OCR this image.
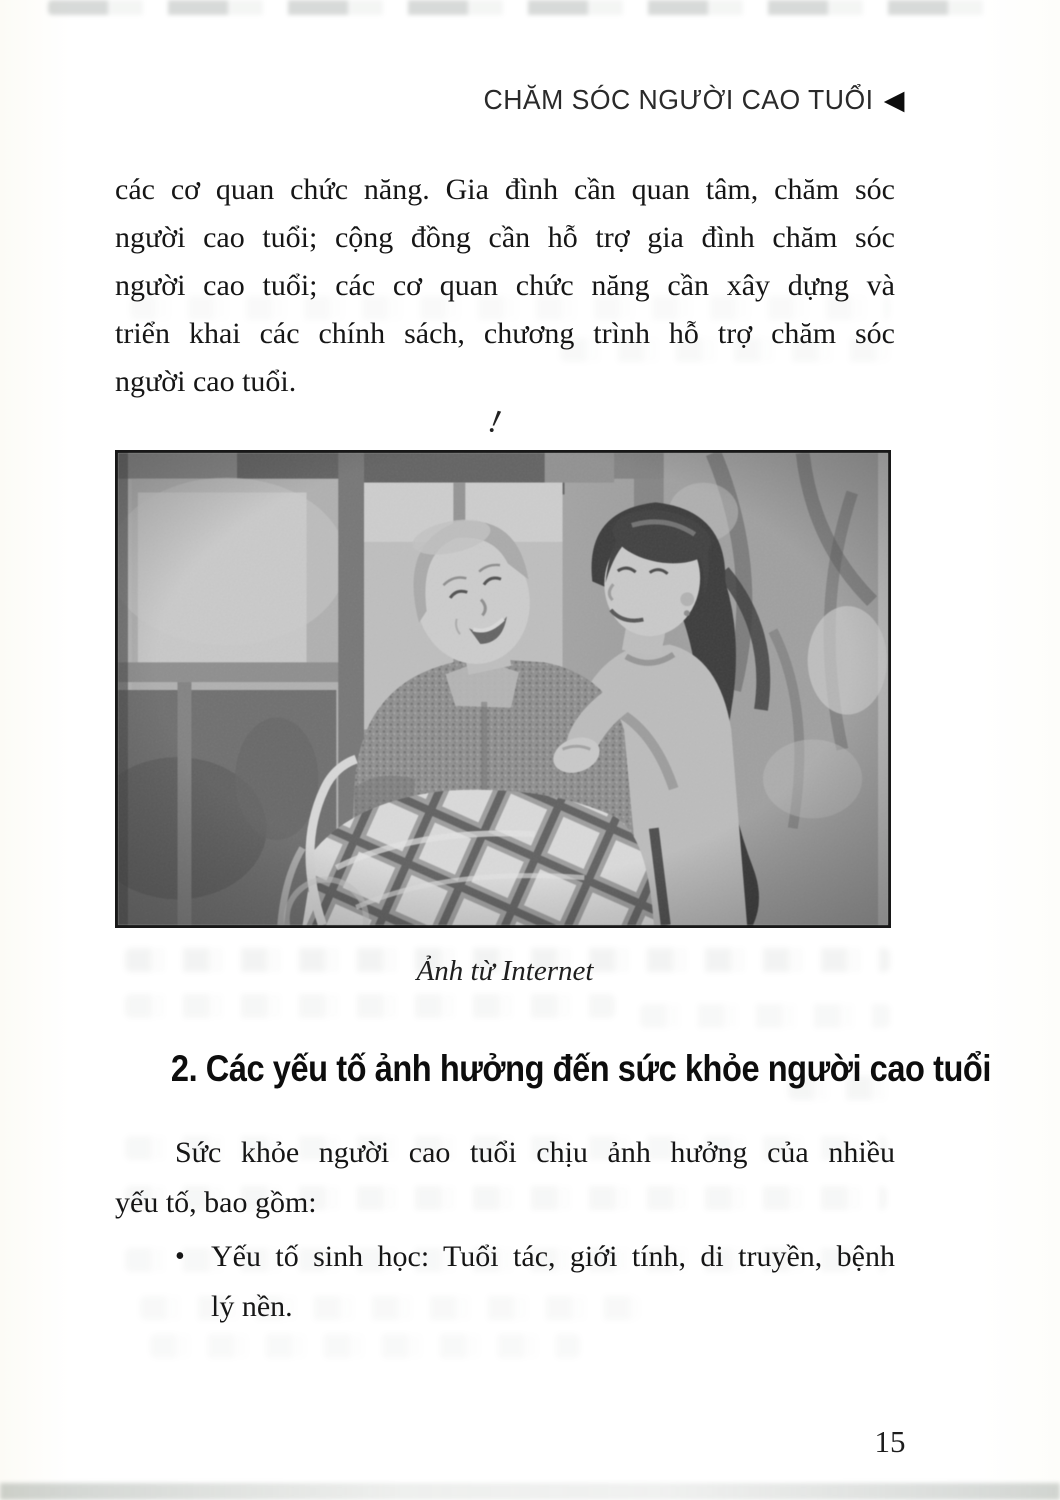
CHĂM SÓC NGƯỜI CAO TUỔI ◀
các cơ quan chức năng. Gia đình cần quan tâm, chăm sóc
người cao tuổi; cộng đồng cần hỗ trợ gia đình chăm sóc
người cao tuổi; các cơ quan chức năng cần xây dựng và
triển khai các chính sách, chương trình hỗ trợ chăm sóc
người cao tuổi.
!
Ảnh từ Internet
2. Các yếu tố ảnh hưởng đến sức khỏe người cao tuổi
Sức khỏe người cao tuổi chịu ảnh hưởng của nhiều
yếu tố, bao gồm:
• Yếu tố sinh học: Tuổi tác, giới tính, di truyền, bệnh
lý nền.
15
